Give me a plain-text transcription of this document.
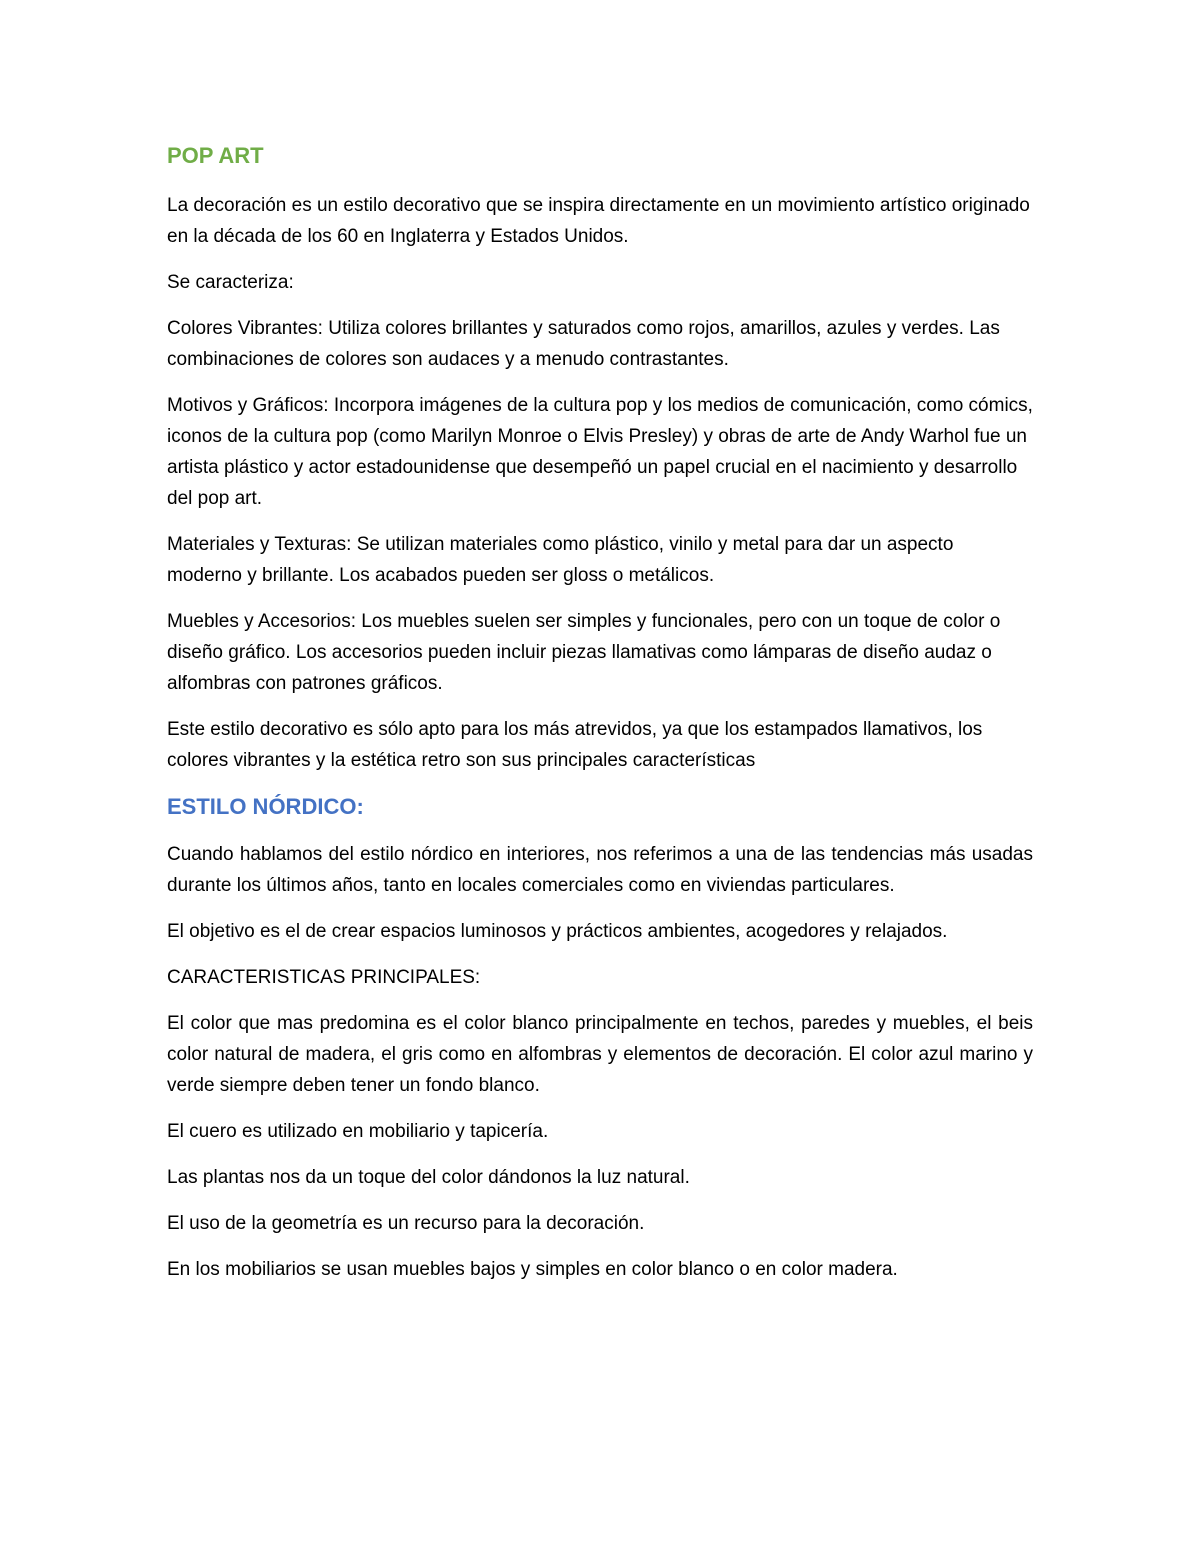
POP ART

La decoración es un estilo decorativo que se inspira directamente en un movimiento artístico originado en la década de los 60 en Inglaterra y Estados Unidos.

Se caracteriza:

Colores Vibrantes: Utiliza colores brillantes y saturados como rojos, amarillos, azules y verdes. Las combinaciones de colores son audaces y a menudo contrastantes.

Motivos y Gráficos: Incorpora imágenes de la cultura pop y los medios de comunicación, como cómics, iconos de la cultura pop (como Marilyn Monroe o Elvis Presley) y obras de arte de Andy Warhol fue un artista plástico y actor estadounidense que desempeñó un papel crucial en el nacimiento y desarrollo del pop art.

Materiales y Texturas: Se utilizan materiales como plástico, vinilo y metal para dar un aspecto moderno y brillante. Los acabados pueden ser gloss o metálicos.

Muebles y Accesorios: Los muebles suelen ser simples y funcionales, pero con un toque de color o diseño gráfico. Los accesorios pueden incluir piezas llamativas como lámparas de diseño audaz o alfombras con patrones gráficos.

Este estilo decorativo es sólo apto para los más atrevidos, ya que los estampados llamativos, los colores vibrantes y la estética retro son sus principales características

ESTILO NÓRDICO:

Cuando hablamos del estilo nórdico en interiores, nos referimos a una de las tendencias más usadas durante los últimos años, tanto en locales comerciales como en viviendas particulares.

El objetivo es el de crear espacios luminosos y prácticos ambientes, acogedores y relajados.

CARACTERISTICAS PRINCIPALES:

El color que mas predomina es el color blanco principalmente en techos, paredes y muebles, el beis color natural de madera, el gris como en alfombras y elementos de decoración. El color azul marino y verde siempre deben tener un fondo blanco.

El cuero es utilizado en mobiliario y tapicería.

Las plantas nos da un toque del color dándonos la luz natural.

El uso de la geometría es un recurso para la decoración.

En los mobiliarios se usan muebles bajos y simples en color blanco o en color madera.
